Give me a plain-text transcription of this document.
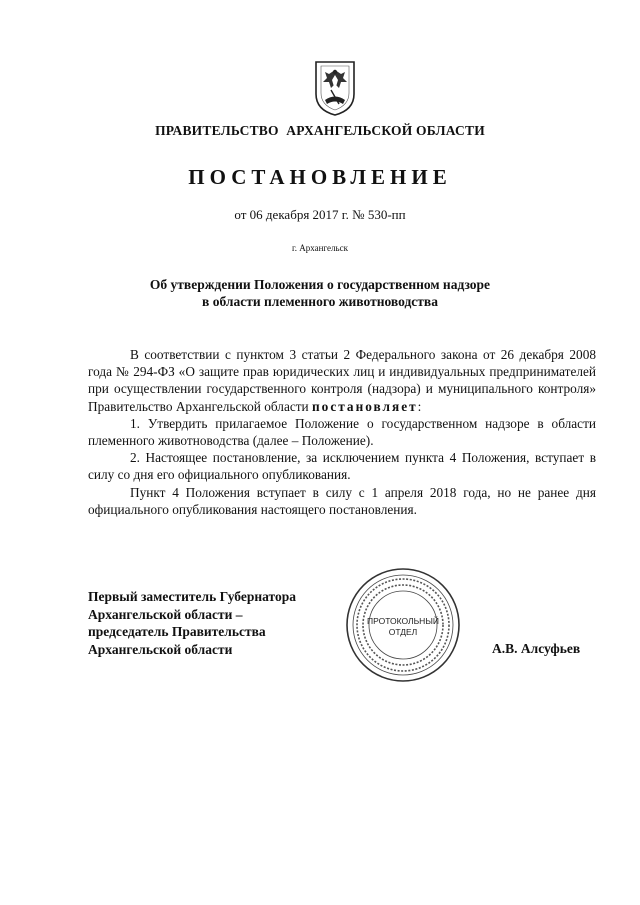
ПРАВИТЕЛЬСТВО АРХАНГЕЛЬСКОЙ ОБЛАСТИ
ПОСТАНОВЛЕНИЕ
от 06 декабря 2017 г. № 530-пп
г. Архангельск
Об утверждении Положения о государственном надзоре
в области племенного животноводства

В соответствии с пунктом 3 статьи 2 Федерального закона от 26 декабря 2008 года № 294-ФЗ «О защите прав юридических лиц и индивидуальных предпринимателей при осуществлении государственного контроля (надзора) и муниципального контроля» Правительство Архангельской области постановляет:

1. Утвердить прилагаемое Положение о государственном надзоре в области племенного животноводства (далее – Положение).

2. Настоящее постановление, за исключением пункта 4 Положения, вступает в силу со дня его официального опубликования.

Пункт 4 Положения вступает в силу с 1 апреля 2018 года, но не ранее дня официального опубликования настоящего постановления.

Первый заместитель Губернатора
Архангельской области –
председатель Правительства
Архангельской области
ПРОТОКОЛЬНЫЙ
ОТДЕЛ
А.В. Алсуфьев
